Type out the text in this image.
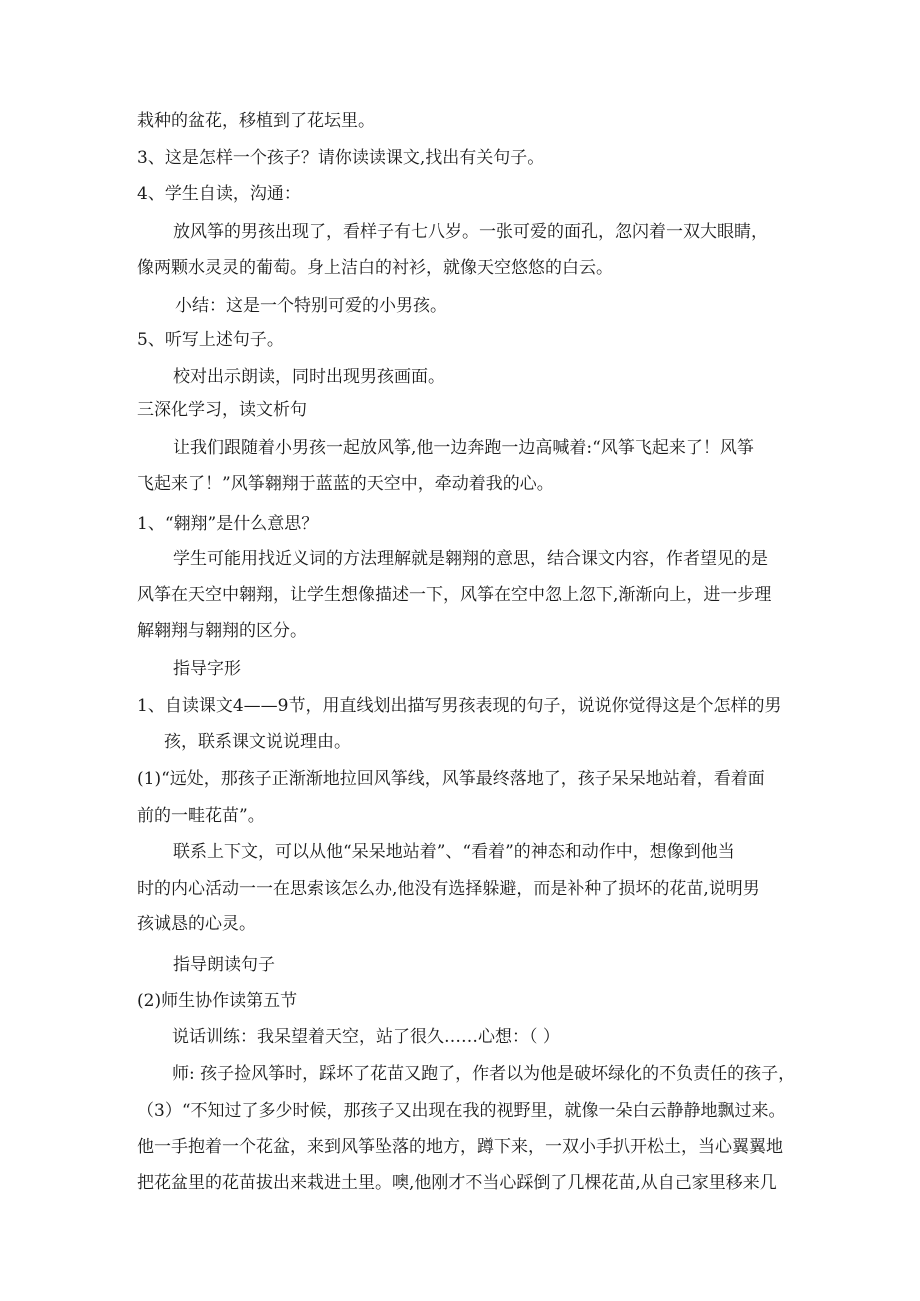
栽种的盆花，移植到了花坛里。
3、这是怎样一个孩子？请你读读课文,找出有关句子。
4、学生自读，沟通：
放风筝的男孩出现了，看样子有七八岁。一张可爱的面孔，忽闪着一双大眼睛，
像两颗水灵灵的葡萄。身上洁白的衬衫，就像天空悠悠的白云。
小结：这是一个特别可爱的小男孩。
5、听写上述句子。
校对出示朗读，同时出现男孩画面。
三深化学习，读文析句
让我们跟随着小男孩一起放风筝,他一边奔跑一边高喊着:“风筝飞起来了！风筝
飞起来了！”风筝翱翔于蓝蓝的天空中，牵动着我的心。
1、“翱翔”是什么意思？
学生可能用找近义词的方法理解就是翱翔的意思，结合课文内容，作者望见的是
风筝在天空中翱翔，让学生想像描述一下，风筝在空中忽上忽下,渐渐向上，进一步理
解翱翔与翱翔的区分。
指导字形
1、自读课文4——9节，用直线划出描写男孩表现的句子，说说你觉得这是个怎样的男
孩，联系课文说说理由。
(1)“远处，那孩子正渐渐地拉回风筝线，风筝最终落地了，孩子呆呆地站着，看着面
前的一畦花苗”。
联系上下文，可以从他“呆呆地站着”、“看着”的神态和动作中，想像到他当
时的内心活动一一在思索该怎么办,他没有选择躲避，而是补种了损坏的花苗,说明男
孩诚恳的心灵。
指导朗读句子
(2)师生协作读第五节
说话训练：我呆望着天空，站了很久……心想：（ ）
师: 孩子捡风筝时，踩坏了花苗又跑了，作者以为他是破坏绿化的不负责任的孩子，
（3）“不知过了多少时候，那孩子又出现在我的视野里，就像一朵白云静静地飘过来。
他一手抱着一个花盆，来到风筝坠落的地方，蹲下来，一双小手扒开松土，当心翼翼地
把花盆里的花苗拔出来栽进土里。噢,他刚才不当心踩倒了几棵花苗,从自己家里移来几
